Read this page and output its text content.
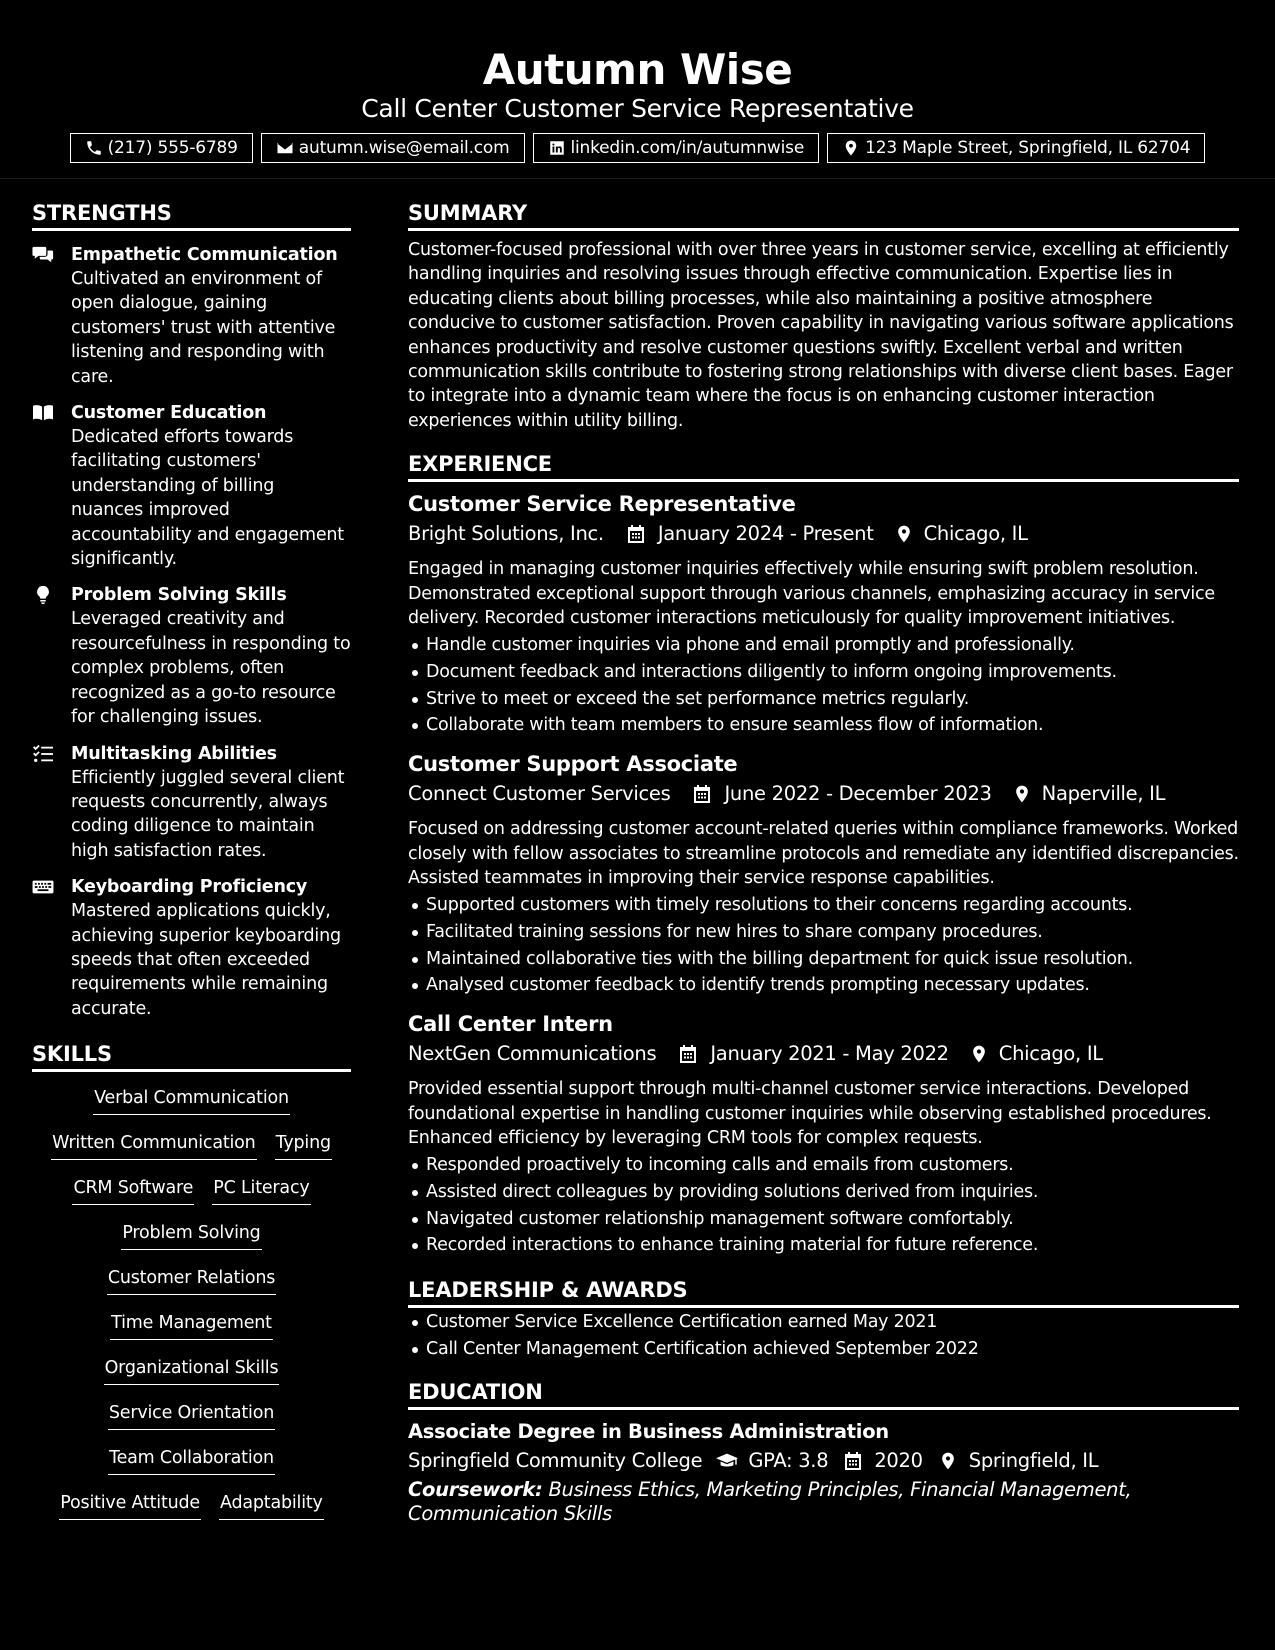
Autumn Wise
Call Center Customer Service Representative
(217) 555-6789	autumn.wise@email.com	linkedin.com/in/autumnwise	123 Maple Street, Springfield, IL 62704
STRENGTHS
Empathetic Communication
Cultivated an environment of open dialogue, gaining customers' trust with attentive listening and responding with care.
Customer Education
Dedicated efforts towards facilitating customers' understanding of billing nuances improved accountability and engagement significantly.
Problem Solving Skills
Leveraged creativity and resourcefulness in responding to complex problems, often recognized as a go-to resource for challenging issues.
Multitasking Abilities
Efficiently juggled several client requests concurrently, always coding diligence to maintain high satisfaction rates.
Keyboarding Proficiency
Mastered applications quickly, achieving superior keyboarding speeds that often exceeded requirements while remaining accurate.
SKILLS
Verbal Communication
Written Communication Typing
CRM Software PC Literacy
Problem Solving
Customer Relations
Time Management
Organizational Skills
Service Orientation
Team Collaboration
Positive Attitude Adaptability
SUMMARY
Customer-focused professional with over three years in customer service, excelling at efficiently handling inquiries and resolving issues through effective communication. Expertise lies in educating clients about billing processes, while also maintaining a positive atmosphere conducive to customer satisfaction. Proven capability in navigating various software applications enhances productivity and resolve customer questions swiftly. Excellent verbal and written communication skills contribute to fostering strong relationships with diverse client bases. Eager to integrate into a dynamic team where the focus is on enhancing customer interaction experiences within utility billing.
EXPERIENCE
Customer Service Representative
Bright Solutions, Inc.	January 2024 - Present	Chicago, IL
Engaged in managing customer inquiries effectively while ensuring swift problem resolution. Demonstrated exceptional support through various channels, emphasizing accuracy in service delivery. Recorded customer interactions meticulously for quality improvement initiatives.
Handle customer inquiries via phone and email promptly and professionally.
Document feedback and interactions diligently to inform ongoing improvements.
Strive to meet or exceed the set performance metrics regularly.
Collaborate with team members to ensure seamless flow of information.
Customer Support Associate
Connect Customer Services	June 2022 - December 2023	Naperville, IL
Focused on addressing customer account-related queries within compliance frameworks. Worked closely with fellow associates to streamline protocols and remediate any identified discrepancies. Assisted teammates in improving their service response capabilities.
Supported customers with timely resolutions to their concerns regarding accounts.
Facilitated training sessions for new hires to share company procedures.
Maintained collaborative ties with the billing department for quick issue resolution.
Analysed customer feedback to identify trends prompting necessary updates.
Call Center Intern
NextGen Communications	January 2021 - May 2022	Chicago, IL
Provided essential support through multi-channel customer service interactions. Developed foundational expertise in handling customer inquiries while observing established procedures. Enhanced efficiency by leveraging CRM tools for complex requests.
Responded proactively to incoming calls and emails from customers.
Assisted direct colleagues by providing solutions derived from inquiries.
Navigated customer relationship management software comfortably.
Recorded interactions to enhance training material for future reference.
LEADERSHIP & AWARDS
Customer Service Excellence Certification earned May 2021
Call Center Management Certification achieved September 2022
EDUCATION
Associate Degree in Business Administration
Springfield Community College GPA: 3.8 2020 Springfield, IL
Coursework: Business Ethics, Marketing Principles, Financial Management, Communication Skills
